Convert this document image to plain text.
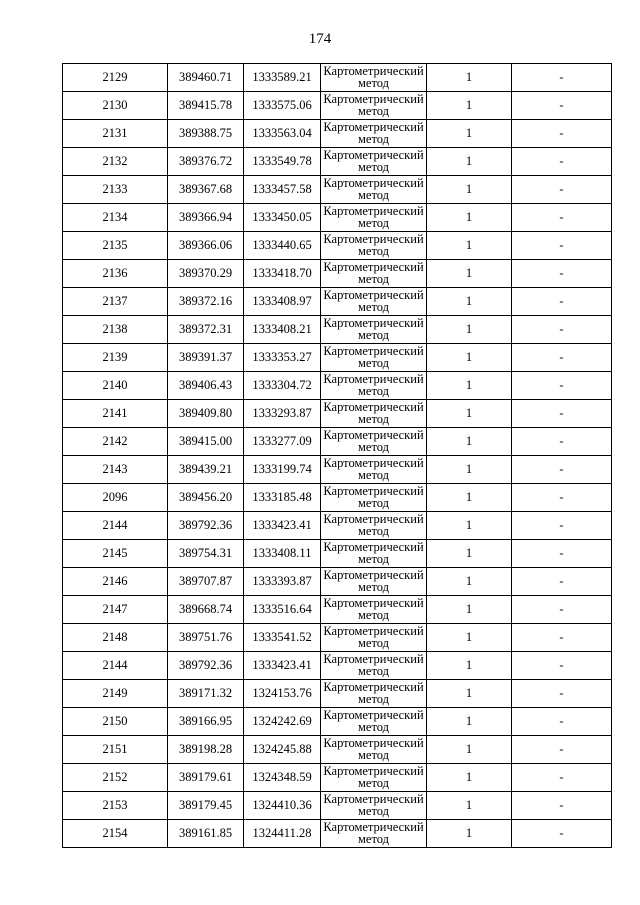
174
2129	389460.71	1333589.21	Картометрический метод	1	-
2130	389415.78	1333575.06	Картометрический метод	1	-
2131	389388.75	1333563.04	Картометрический метод	1	-
2132	389376.72	1333549.78	Картометрический метод	1	-
2133	389367.68	1333457.58	Картометрический метод	1	-
2134	389366.94	1333450.05	Картометрический метод	1	-
2135	389366.06	1333440.65	Картометрический метод	1	-
2136	389370.29	1333418.70	Картометрический метод	1	-
2137	389372.16	1333408.97	Картометрический метод	1	-
2138	389372.31	1333408.21	Картометрический метод	1	-
2139	389391.37	1333353.27	Картометрический метод	1	-
2140	389406.43	1333304.72	Картометрический метод	1	-
2141	389409.80	1333293.87	Картометрический метод	1	-
2142	389415.00	1333277.09	Картометрический метод	1	-
2143	389439.21	1333199.74	Картометрический метод	1	-
2096	389456.20	1333185.48	Картометрический метод	1	-
2144	389792.36	1333423.41	Картометрический метод	1	-
2145	389754.31	1333408.11	Картометрический метод	1	-
2146	389707.87	1333393.87	Картометрический метод	1	-
2147	389668.74	1333516.64	Картометрический метод	1	-
2148	389751.76	1333541.52	Картометрический метод	1	-
2144	389792.36	1333423.41	Картометрический метод	1	-
2149	389171.32	1324153.76	Картометрический метод	1	-
2150	389166.95	1324242.69	Картометрический метод	1	-
2151	389198.28	1324245.88	Картометрический метод	1	-
2152	389179.61	1324348.59	Картометрический метод	1	-
2153	389179.45	1324410.36	Картометрический метод	1	-
2154	389161.85	1324411.28	Картометрический метод	1	-
